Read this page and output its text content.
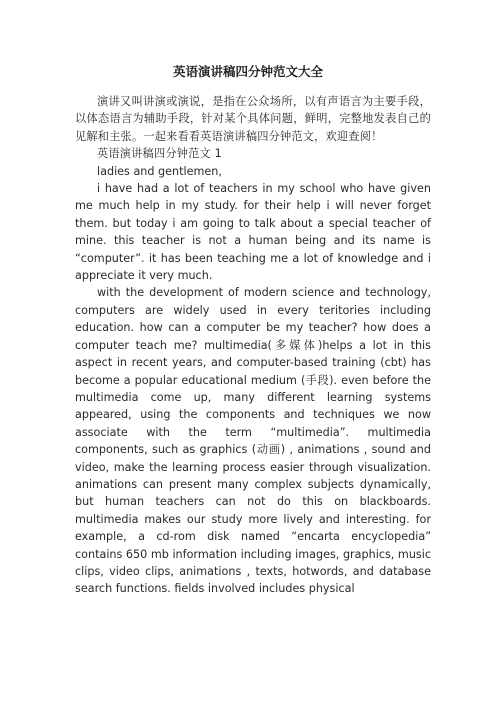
英语演讲稿四分钟范文大全

演讲又叫讲演或演说，是指在公众场所，以有声语言为主要手段，以体态语言为辅助手段，针对某个具体问题，鲜明，完整地发表自己的见解和主张。一起来看看英语演讲稿四分钟范文，欢迎查阅！

英语演讲稿四分钟范文 1

ladies and gentlemen,

i have had a lot of teachers in my school who have given me much help in my study. for their help i will never forget them. but today i am going to talk about a special teacher of mine. this teacher is not a human being and its name is “computer”. it has been teaching me a lot of knowledge and i appreciate it very much.

with the development of modern science and technology, computers are widely used in every teritories including education. how can a computer be my teacher? how does a computer teach me? multimedia(多媒体)helps a lot in this aspect in recent years, and computer-based training (cbt) has become a popular educational medium (手段). even before the multimedia come up, many different learning systems appeared, using the components and techniques we now associate with the term “multimedia”. multimedia components, such as graphics (动画) , animations , sound and video, make the learning process easier through visualization. animations can present many complex subjects dynamically, but human teachers can not do this on blackboards. multimedia makes our study more lively and interesting. for example, a cd-rom disk named “encarta encyclopedia” contains 650 mb information including images, graphics, music clips, video clips, animations , texts, hotwords, and database search functions. fields involved includes physical
